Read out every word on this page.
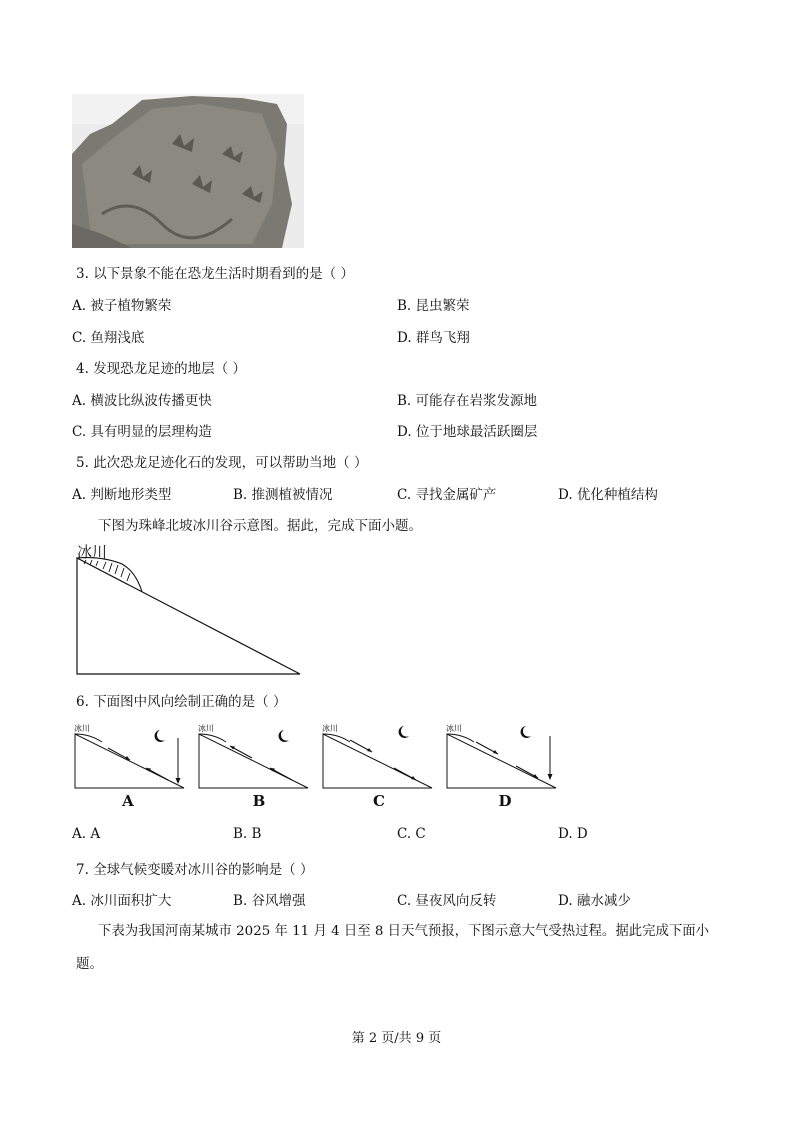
3. 以下景象不能在恐龙生活时期看到的是（ ）
A. 被子植物繁荣	B. 昆虫繁荣
C. 鱼翔浅底	D. 群鸟飞翔
4. 发现恐龙足迹的地层（ ）
A. 横波比纵波传播更快	B. 可能存在岩浆发源地
C. 具有明显的层理构造	D. 位于地球最活跃圈层
5. 此次恐龙足迹化石的发现，可以帮助当地（ ）
A. 判断地形类型	B. 推测植被情况	C. 寻找金属矿产	D. 优化种植结构
下图为珠峰北坡冰川谷示意图。据此，完成下面小题。
冰川
6. 下面图中风向绘制正确的是（ ）
冰川
A
冰川
B
冰川
C
冰川
D
A. A	B. B	C. C	D. D
7. 全球气候变暖对冰川谷的影响是（ ）
A. 冰川面积扩大	B. 谷风增强	C. 昼夜风向反转	D. 融水减少
下表为我国河南某城市 2025 年 11 月 4 日至 8 日天气预报，下图示意大气受热过程。据此完成下面小
题。
第 2 页/共 9 页
